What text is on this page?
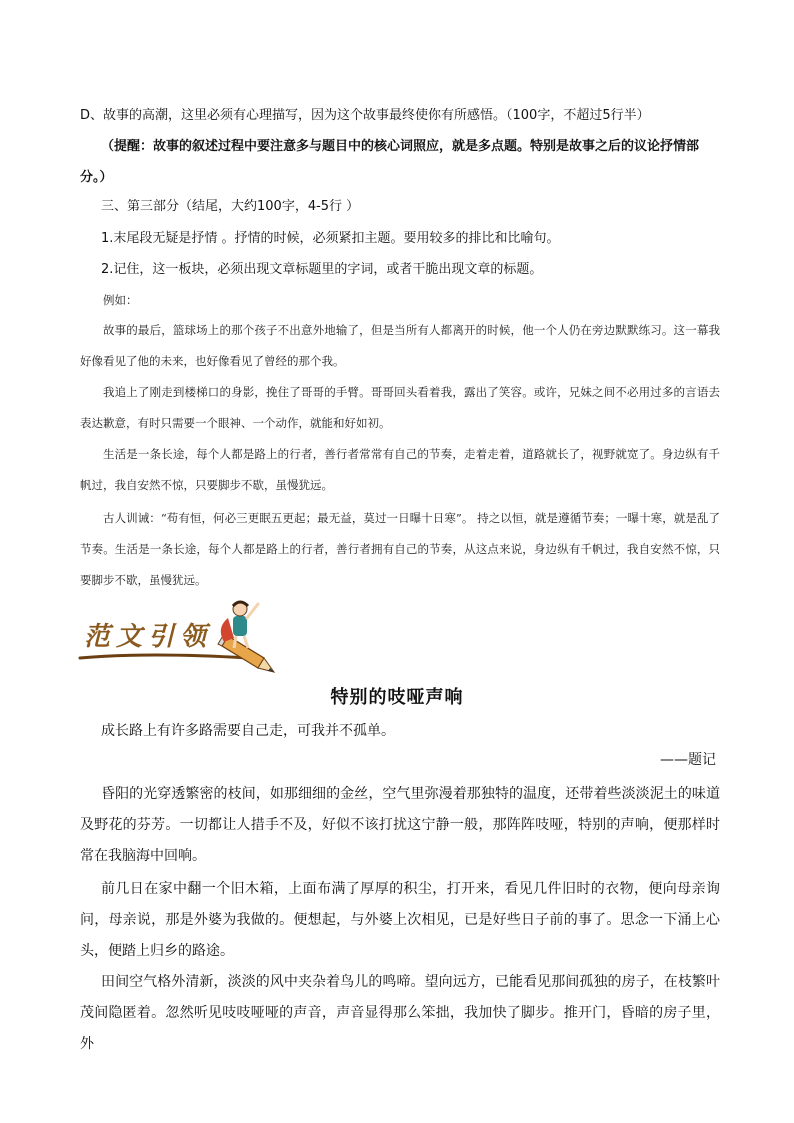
D、故事的高潮，这里必须有心理描写，因为这个故事最终使你有所感悟。（100字，不超过5行半）

（提醒：故事的叙述过程中要注意多与题目中的核心词照应，就是多点题。特别是故事之后的议论抒情部分。）

三、第三部分（结尾，大约100字，4-5行 ）

1.末尾段无疑是抒情 。抒情的时候，必须紧扣主题。要用较多的排比和比喻句。

2.记住，这一板块，必须出现文章标题里的字词，或者干脆出现文章的标题。

例如：

故事的最后，篮球场上的那个孩子不出意外地输了，但是当所有人都离开的时候，他一个人仍在旁边默默练习。这一幕我好像看见了他的未来，也好像看见了曾经的那个我。

我追上了刚走到楼梯口的身影，挽住了哥哥的手臂。哥哥回头看着我，露出了笑容。或许，兄妹之间不必用过多的言语去表达歉意，有时只需要一个眼神、一个动作，就能和好如初。

生活是一条长途，每个人都是路上的行者，善行者常常有自己的节奏，走着走着，道路就长了，视野就宽了。身边纵有千帆过，我自安然不惊，只要脚步不歇，虽慢犹远。

古人训诫：“苟有恒，何必三更眠五更起；最无益，莫过一日曝十日寒”。 持之以恒，就是遵循节奏；一曝十寒，就是乱了节奏。生活是一条长途，每个人都是路上的行者，善行者拥有自己的节奏，从这点来说，身边纵有千帆过，我自安然不惊，只要脚步不歇，虽慢犹远。

范文引领
特别的吱哑声响

成长路上有许多路需要自己走，可我并不孤单。

——题记

昏阳的光穿透繁密的枝间，如那细细的金丝，空气里弥漫着那独特的温度，还带着些淡淡泥土的味道及野花的芬芳。一切都让人措手不及，好似不该打扰这宁静一般，那阵阵吱哑，特别的声响，便那样时常在我脑海中回响。

前几日在家中翻一个旧木箱，上面布满了厚厚的积尘，打开来，看见几件旧时的衣物，便向母亲询问，母亲说，那是外婆为我做的。便想起，与外婆上次相见，已是好些日子前的事了。思念一下涌上心头，便踏上归乡的路途。

田间空气格外清新，淡淡的风中夹杂着鸟儿的鸣啼。望向远方，已能看见那间孤独的房子，在枝繁叶茂间隐匿着。忽然听见吱吱哑哑的声音，声音显得那么笨拙，我加快了脚步。推开门，昏暗的房子里，外
